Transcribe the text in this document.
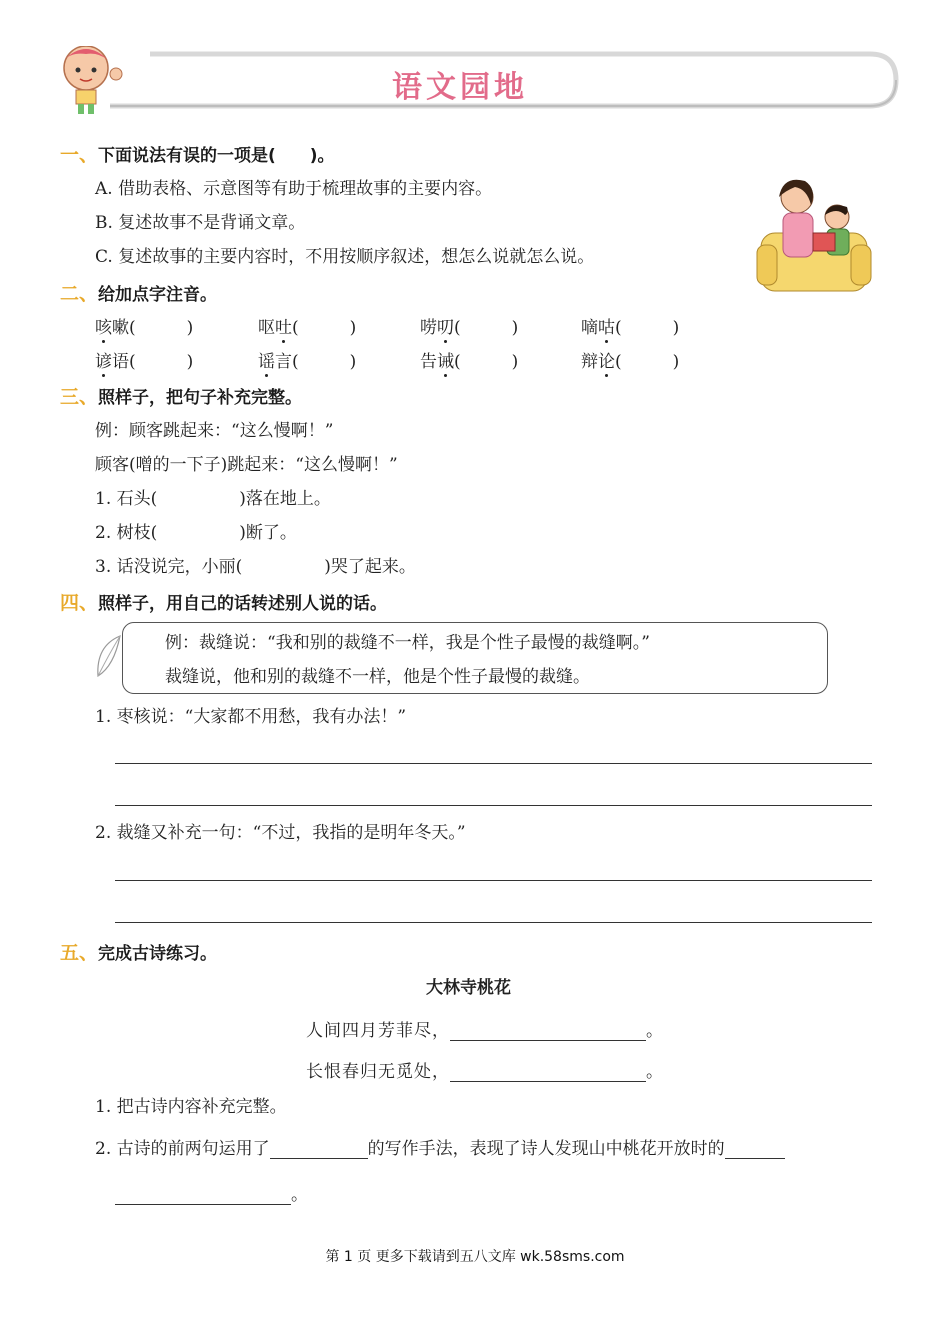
语文园地
一、下面说法有误的一项是(　　)。
A. 借助表格、示意图等有助于梳理故事的主要内容。
B. 复述故事不是背诵文章。
C. 复述故事的主要内容时，不用按顺序叙述，想怎么说就怎么说。
二、给加点字注音。
咳嗽(　　　)	呕吐(　　　)	唠叨(　　　)	嘀咕(　　　)
谚语(　　　)	谣言(　　　)	告诫(　　　)	辩论(　　　)
三、照样子，把句子补充完整。
例：顾客跳起来：“这么慢啊！”
顾客(噌的一下子)跳起来：“这么慢啊！”
1. 石头(	)落在地上。
2. 树枝(	)断了。
3. 话没说完，小丽(	)哭了起来。
四、照样子，用自己的话转述别人说的话。
例：裁缝说：“我和别的裁缝不一样，我是个性子最慢的裁缝啊。”
裁缝说，他和别的裁缝不一样，他是个性子最慢的裁缝。
1. 枣核说：“大家都不用愁，我有办法！”
2. 裁缝又补充一句：“不过，我指的是明年冬天。”
五、完成古诗练习。
大林寺桃花
人间四月芳菲尽，	。
长恨春归无觅处，	。
1. 把古诗内容补充完整。
2. 古诗的前两句运用了	的写作手法，表现了诗人发现山中桃花开放时的
。
第 1 页 更多下载请到五八文库 wk.58sms.com
